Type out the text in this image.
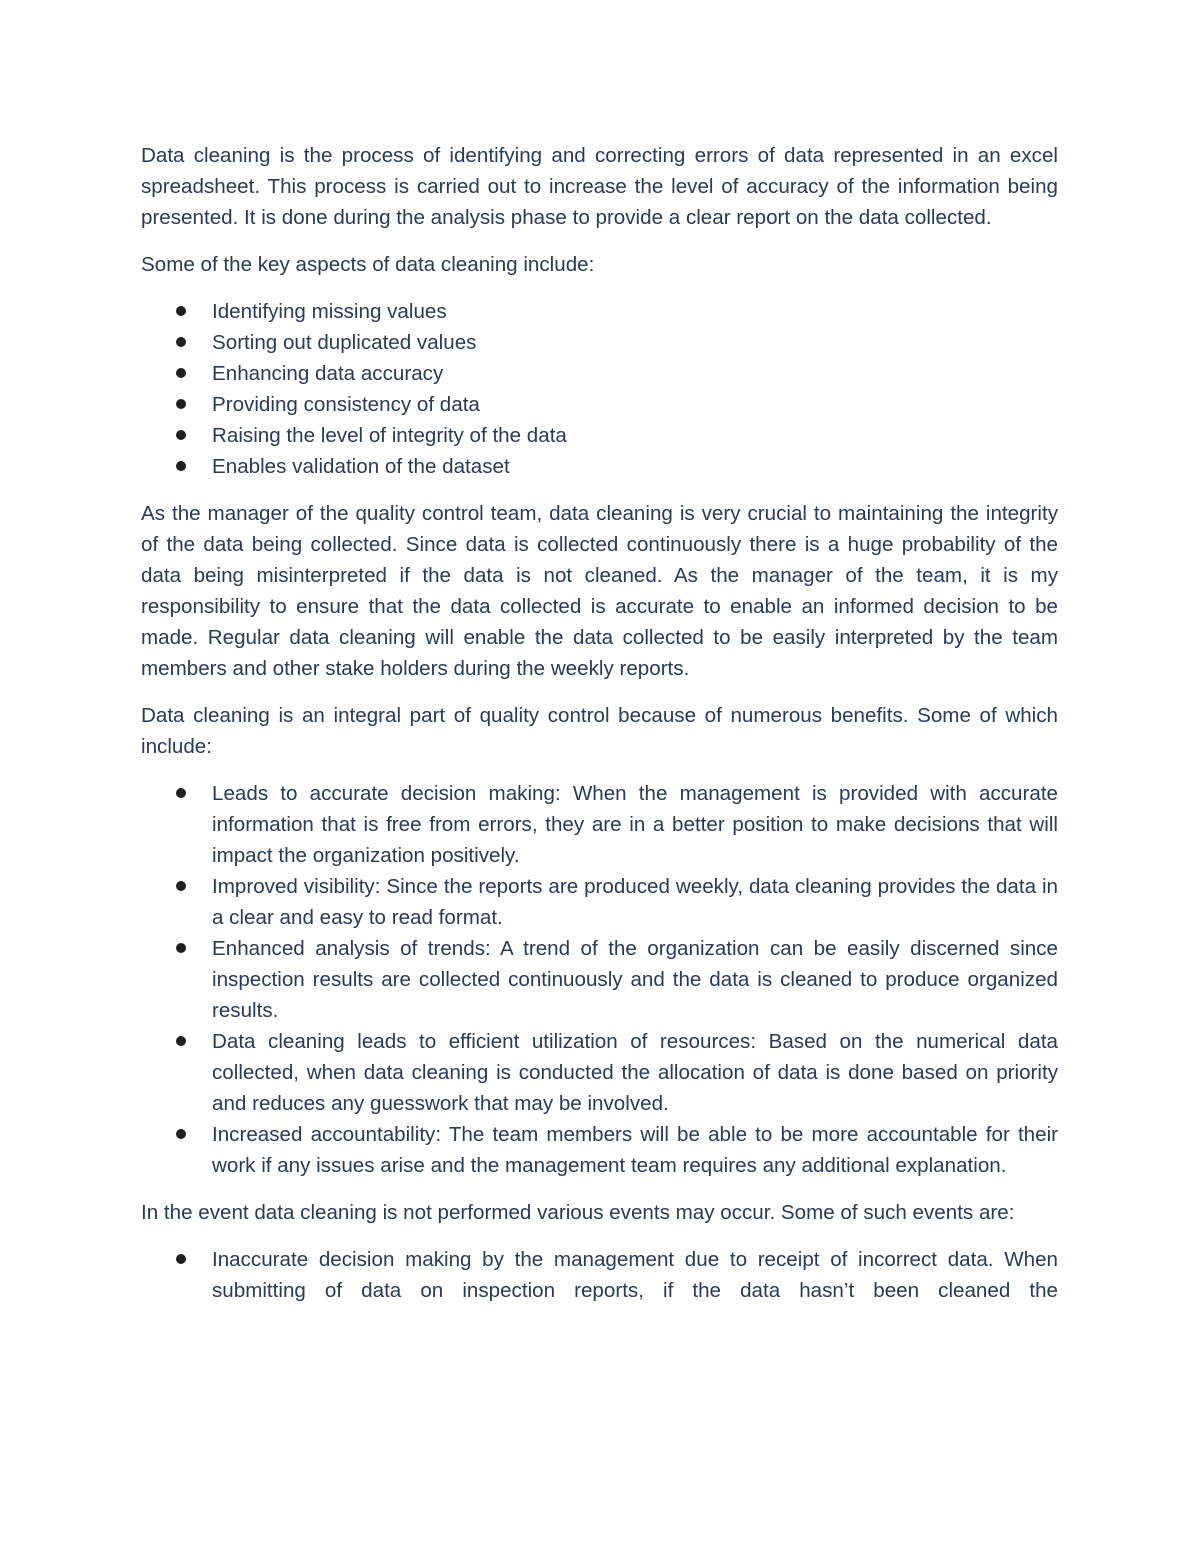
Data cleaning is the process of identifying and correcting errors of data represented in an excel spreadsheet. This process is carried out to increase the level of accuracy of the information being presented. It is done during the analysis phase to provide a clear report on the data collected.

Some of the key aspects of data cleaning include:

Identifying missing values
Sorting out duplicated values
Enhancing data accuracy
Providing consistency of data
Raising the level of integrity of the data
Enables validation of the dataset

As the manager of the quality control team, data cleaning is very crucial to maintaining the integrity of the data being collected. Since data is collected continuously there is a huge probability of the data being misinterpreted if the data is not cleaned. As the manager of the team, it is my responsibility to ensure that the data collected is accurate to enable an informed decision to be made. Regular data cleaning will enable the data collected to be easily interpreted by the team members and other stake holders during the weekly reports.

Data cleaning is an integral part of quality control because of numerous benefits. Some of which include:

Leads to accurate decision making: When the management is provided with accurate information that is free from errors, they are in a better position to make decisions that will impact the organization positively.
Improved visibility: Since the reports are produced weekly, data cleaning provides the data in a clear and easy to read format.
Enhanced analysis of trends: A trend of the organization can be easily discerned since inspection results are collected continuously and the data is cleaned to produce organized results.
Data cleaning leads to efficient utilization of resources: Based on the numerical data collected, when data cleaning is conducted the allocation of data is done based on priority and reduces any guesswork that may be involved.
Increased accountability: The team members will be able to be more accountable for their work if any issues arise and the management team requires any additional explanation.

In the event data cleaning is not performed various events may occur. Some of such events are:

Inaccurate decision making by the management due to receipt of incorrect data. When submitting of data on inspection reports, if the data hasn’t been cleaned the
